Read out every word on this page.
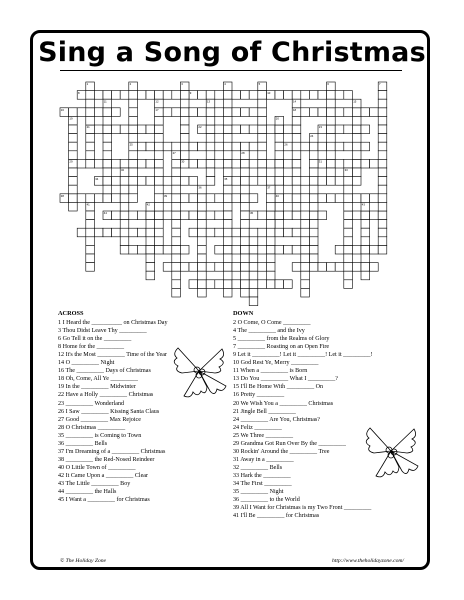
Sing a Song of Christmas
1	2	3	4	5	6	7
8	9	10
11	12	13	14	15
16	17	18
19	20
21	22	23
24
25	26
27	28
29	30	31
32	33
34	35
36	37
38	39	40
41	42	43
44	45
ACROSS
1 I Heard the __________ on Christmas Day
3 Thou Didst Leave Thy _________
6 Go Tell it on the _________
8 Home for the _________
12 It's the Most _________ Time of the Year
14 O _________ Night
16 The _________ Days of Christmas
18 Oh, Come, All Ye _________
19 In the _________ Midwinter
22 Have a Holly _________ Christmas
23 _________ Wonderland
26 I Saw _________ Kissing Santa Claus
27 Good _________ Max Rejoice
28 O Christmas _________
35 _________ is Coming to Town
36 _________ Bells
37 I'm Dreaming of a _________ Christmas
38 _________ the Red-Nosed Reindeer
40 O Little Town of _________
42 It Came Upon a _________ Clear
43 The Little _________ Boy
44 _________ the Halls
45 I Want a _________ for Christmas
DOWN
2 O Come, O Come _________
4 The _________ and the Ivy
5 _________ from the Realms of Glory
7 _________ Roasting on an Open Fire
9 Let it _________! Let it _________! Let it _________!
10 God Rest Ye, Merry _________
11 When a _________ is Born
13 Do You _________ What I _________?
15 I'll Be Home With _________ On
16 Pretty _________
20 We Wish You a _________ Christmas
21 Jingle Bell _________
24 _________ Are You, Christmas?
24 Feliz _________
25 We Three _________
29 Grandma Got Run Over By the _________
30 Rockin' Around the _________ Tree
31 Away in a _________
32 _________ Bells
33 Hark the _________
34 The First _________
35 _________ Night
36 _________ to the World
39 All I Want for Christmas is my Two Front _________
41 I'll Be _________ for Christmas
© The Holiday Zone	http://www.theholidayzone.com/
